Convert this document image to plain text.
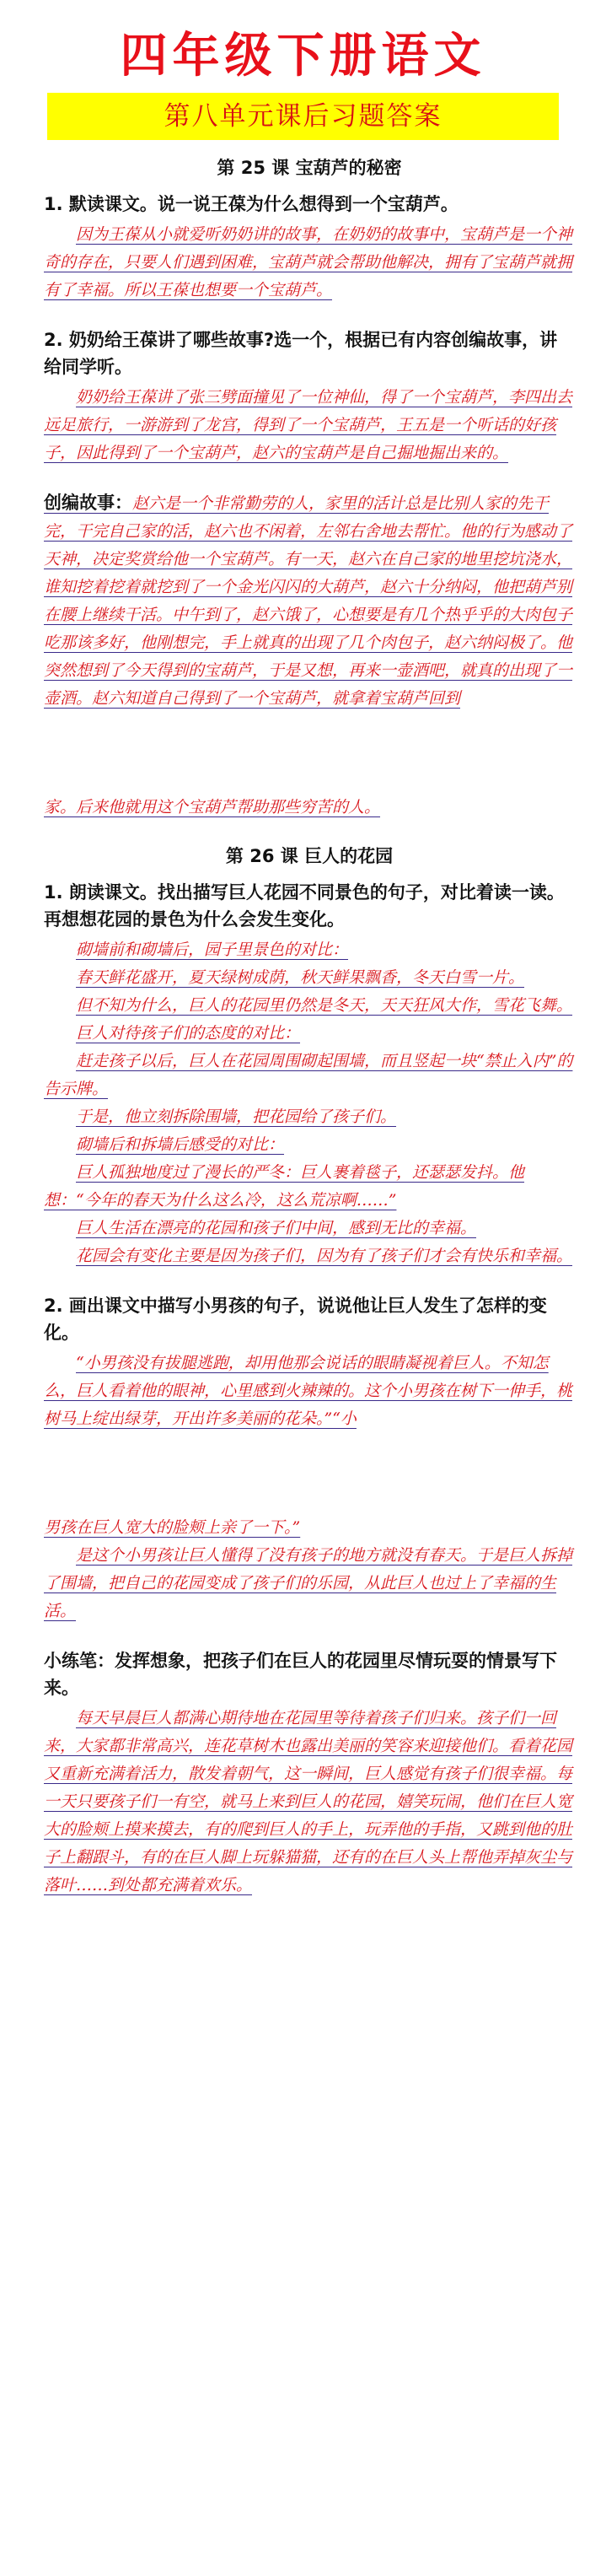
四年级下册语文
第八单元课后习题答案
第 25 课 宝葫芦的秘密
1. 默读课文。说一说王葆为什么想得到一个宝葫芦。

因为王葆从小就爱听奶奶讲的故事，在奶奶的故事中，宝葫芦是一个神奇的存在，只要人们遇到困难，宝葫芦就会帮助他解决，拥有了宝葫芦就拥有了幸福。所以王葆也想要一个宝葫芦。

2. 奶奶给王葆讲了哪些故事?选一个，根据已有内容创编故事，讲给同学听。

奶奶给王葆讲了张三劈面撞见了一位神仙，得了一个宝葫芦，李四出去远足旅行，一游游到了龙宫，得到了一个宝葫芦，王五是一个听话的好孩子，因此得到了一个宝葫芦，赵六的宝葫芦是自己掘地掘出来的。

创编故事：赵六是一个非常勤劳的人，家里的活计总是比别人家的先干完，干完自己家的活，赵六也不闲着，左邻右舍地去帮忙。他的行为感动了天神，决定奖赏给他一个宝葫芦。有一天，赵六在自己家的地里挖坑浇水，谁知挖着挖着就挖到了一个金光闪闪的大葫芦，赵六十分纳闷，他把葫芦别在腰上继续干活。中午到了，赵六饿了，心想要是有几个热乎乎的大肉包子吃那该多好，他刚想完，手上就真的出现了几个肉包子，赵六纳闷极了。他突然想到了今天得到的宝葫芦，于是又想，再来一壶酒吧，就真的出现了一壶酒。赵六知道自己得到了一个宝葫芦，就拿着宝葫芦回到

家。后来他就用这个宝葫芦帮助那些穷苦的人。

第 26 课 巨人的花园
1. 朗读课文。找出描写巨人花园不同景色的句子，对比着读一读。再想想花园的景色为什么会发生变化。

砌墙前和砌墙后，园子里景色的对比：

春天鲜花盛开，夏天绿树成荫，秋天鲜果飘香，冬天白雪一片。

但不知为什么，巨人的花园里仍然是冬天，天天狂风大作，雪花飞舞。

巨人对待孩子们的态度的对比：

赶走孩子以后，巨人在花园周围砌起围墙，而且竖起一块“禁止入内”的告示牌。

于是，他立刻拆除围墙，把花园给了孩子们。

砌墙后和拆墙后感受的对比：

巨人孤独地度过了漫长的严冬：巨人裹着毯子，还瑟瑟发抖。他想：“今年的春天为什么这么冷，这么荒凉啊……”

巨人生活在漂亮的花园和孩子们中间，感到无比的幸福。

花园会有变化主要是因为孩子们，因为有了孩子们才会有快乐和幸福。

2. 画出课文中描写小男孩的句子，说说他让巨人发生了怎样的变化。

“小男孩没有拔腿逃跑，却用他那会说话的眼睛凝视着巨人。不知怎么，巨人看着他的眼神，心里感到火辣辣的。这个小男孩在树下一伸手，桃树马上绽出绿芽，开出许多美丽的花朵。”“小

男孩在巨人宽大的脸颊上亲了一下。”

是这个小男孩让巨人懂得了没有孩子的地方就没有春天。于是巨人拆掉了围墙，把自己的花园变成了孩子们的乐园，从此巨人也过上了幸福的生活。

小练笔：发挥想象，把孩子们在巨人的花园里尽情玩耍的情景写下来。

每天早晨巨人都满心期待地在花园里等待着孩子们归来。孩子们一回来，大家都非常高兴，连花草树木也露出美丽的笑容来迎接他们。看着花园又重新充满着活力，散发着朝气，这一瞬间，巨人感觉有孩子们很幸福。每一天只要孩子们一有空，就马上来到巨人的花园，嬉笑玩闹，他们在巨人宽大的脸颊上摸来摸去，有的爬到巨人的手上，玩弄他的手指，又跳到他的肚子上翻跟斗，有的在巨人脚上玩躲猫猫，还有的在巨人头上帮他弄掉灰尘与落叶……到处都充满着欢乐。
